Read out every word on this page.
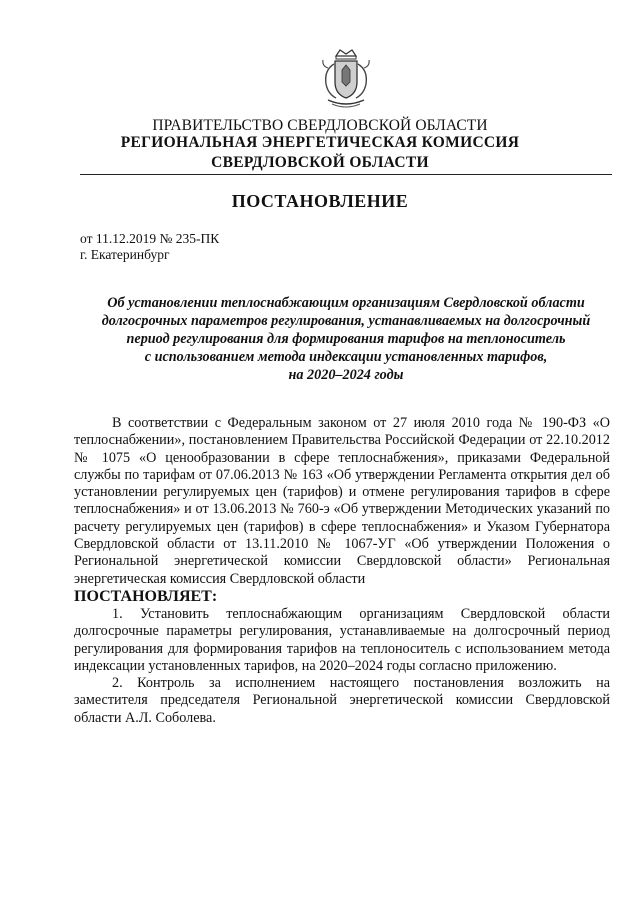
ПРАВИТЕЛЬСТВО СВЕРДЛОВСКОЙ ОБЛАСТИ
РЕГИОНАЛЬНАЯ ЭНЕРГЕТИЧЕСКАЯ КОМИССИЯ
СВЕРДЛОВСКОЙ ОБЛАСТИ
ПОСТАНОВЛЕНИЕ
от 11.12.2019 № 235-ПК
г. Екатеринбург
Об установлении теплоснабжающим организациям Свердловской области
долгосрочных параметров регулирования, устанавливаемых на долгосрочный
период регулирования для формирования тарифов на теплоноситель
с использованием метода индексации установленных тарифов,
на 2020–2024 годы

В соответствии с Федеральным законом от 27 июля 2010 года № 190-ФЗ «О теплоснабжении», постановлением Правительства Российской Федерации от 22.10.2012 № 1075 «О ценообразовании в сфере теплоснабжения», приказами Федеральной службы по тарифам от 07.06.2013 № 163 «Об утверждении Регламента открытия дел об установлении регулируемых цен (тарифов) и отмене регулирования тарифов в сфере теплоснабжения» и от 13.06.2013 № 760-э «Об утверждении Методических указаний по расчету регулируемых цен (тарифов) в сфере теплоснабжения» и Указом Губернатора Свердловской области от 13.11.2010 № 1067-УГ «Об утверждении Положения о Региональной энергетической комиссии Свердловской области» Региональная энергетическая комиссия Свердловской области

ПОСТАНОВЛЯЕТ:

1. Установить теплоснабжающим организациям Свердловской области долгосрочные параметры регулирования, устанавливаемые на долгосрочный период регулирования для формирования тарифов на теплоноситель с использованием метода индексации установленных тарифов, на 2020–2024 годы согласно приложению.

2. Контроль за исполнением настоящего постановления возложить на заместителя председателя Региональной энергетической комиссии Свердловской области А.Л. Соболева.
